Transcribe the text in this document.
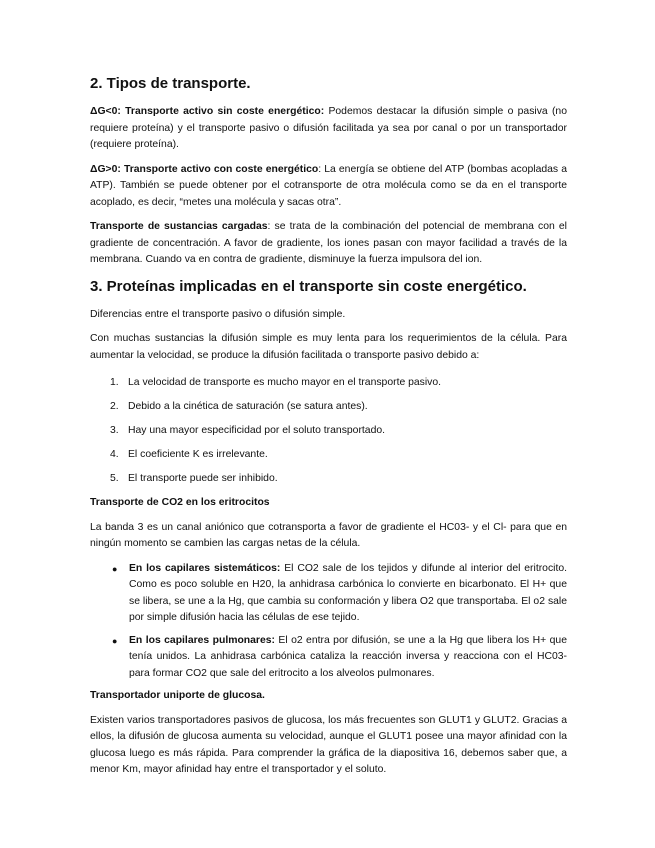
2. Tipos de transporte.

ΔG<0: Transporte activo sin coste energético: Podemos destacar la difusión simple o pasiva (no requiere proteína) y el transporte pasivo o difusión facilitada ya sea por canal o por un transportador (requiere proteína).

ΔG>0: Transporte activo con coste energético: La energía se obtiene del ATP (bombas acopladas a ATP). También se puede obtener por el cotransporte de otra molécula como se da en el transporte acoplado, es decir, “metes una molécula y sacas otra”.

Transporte de sustancias cargadas: se trata de la combinación del potencial de membrana con el gradiente de concentración. A favor de gradiente, los iones pasan con mayor facilidad a través de la membrana. Cuando va en contra de gradiente, disminuye la fuerza impulsora del ion.

3. Proteínas implicadas en el transporte sin coste energético.

Diferencias entre el transporte pasivo o difusión simple.

Con muchas sustancias la difusión simple es muy lenta para los requerimientos de la célula. Para aumentar la velocidad, se produce la difusión facilitada o transporte pasivo debido a:

1. La velocidad de transporte es mucho mayor en el transporte pasivo.
2. Debido a la cinética de saturación (se satura antes).
3. Hay una mayor especificidad por el soluto transportado.
4. El coeficiente K es irrelevante.
5. El transporte puede ser inhibido.

Transporte de CO2 en los eritrocitos

La banda 3 es un canal aniónico que cotransporta a favor de gradiente el HC03- y el Cl- para que en ningún momento se cambien las cargas netas de la célula.

●	En los capilares sistemáticos: El CO2 sale de los tejidos y difunde al interior del eritrocito. Como es poco soluble en H20, la anhidrasa carbónica lo convierte en bicarbonato. El H+ que se libera, se une a la Hg, que cambia su conformación y libera O2 que transportaba. El o2 sale por simple difusión hacia las células de ese tejido.
●	En los capilares pulmonares: El o2 entra por difusión, se une a la Hg que libera los H+ que tenía unidos. La anhidrasa carbónica cataliza la reacción inversa y reacciona con el HC03- para formar CO2 que sale del eritrocito a los alveolos pulmonares.

Transportador uniporte de glucosa.

Existen varios transportadores pasivos de glucosa, los más frecuentes son GLUT1 y GLUT2. Gracias a ellos, la difusión de glucosa aumenta su velocidad, aunque el GLUT1 posee una mayor afinidad con la glucosa luego es más rápida. Para comprender la gráfica de la diapositiva 16, debemos saber que, a menor Km, mayor afinidad hay entre el transportador y el soluto.
